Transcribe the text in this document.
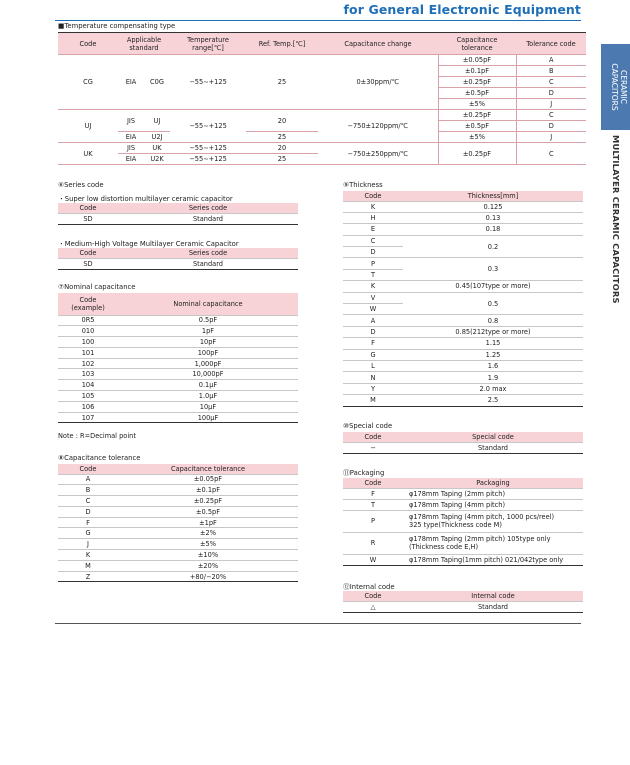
for General Electronic Equipment
CERAMIC
CAPACITORS
MULTILAYER CERAMIC CAPACITORS
■Temperature compensating type
Code	Applicable standard		Temperature range[℃]	Ref. Temp.[℃]	Capacitance change	Capacitance tolerance	Tolerance code
CG	EIA	C0G	−55∼+125	25	0±30ppm/℃	±0.05pF	A
						±0.1pF	B
						±0.25pF	C
						±0.5pF	D
						±5%	J
UJ	JIS	UJ	−55∼+125	20	−750±120ppm/℃	±0.25pF	C
						±0.5pF	D
	EIA	U2J		25		±5%	J
UK	JIS	UK	−55∼+125	20	−750±250ppm/℃	±0.25pF	C
	EIA	U2K	−55∼+125	25			
⑥Series code
・Super low distortion multilayer ceramic capacitor
Code	Series code
SD	Standard
・Medium-High Voltage Multilayer Ceramic Capacitor
Code	Series code
SD	Standard
⑦Nominal capacitance
Code
(example)	Nominal capacitance
0R5	0.5pF
010	1pF
100	10pF
101	100pF
102	1,000pF
103	10,000pF
104	0.1μF
105	1.0μF
106	10μF
107	100μF
Note : R=Decimal point
⑧Capacitance tolerance
Code	Capacitance tolerance
A	±0.05pF
B	±0.1pF
C	±0.25pF
D	±0.5pF
F	±1pF
G	±2%
J	±5%
K	±10%
M	±20%
Z	+80/−20%
⑨Thickness
Code	Thickness[mm]
K	0.125
H	0.13
E	0.18
C	0.2
D	
P	0.3
T	
K	0.45(107type or more)
V	0.5
W	
A	0.8
D	0.85(212type or more)
F	1.15
G	1.25
L	1.6
N	1.9
Y	2.0 max
M	2.5
⑩Special code
Code	Special code
−	Standard
⑪Packaging
Code	Packaging
F	φ178mm Taping (2mm pitch)
T	φ178mm Taping (4mm pitch)
P	φ178mm Taping (4mm pitch, 1000 pcs/reel)
325 type(Thickness code M)

R	φ178mm Taping (2mm pitch) 105type only
(Thickness code E,H)

W	φ178mm Taping(1mm pitch) 021/042type only
⑫Internal code
Code	Internal code
△	Standard
